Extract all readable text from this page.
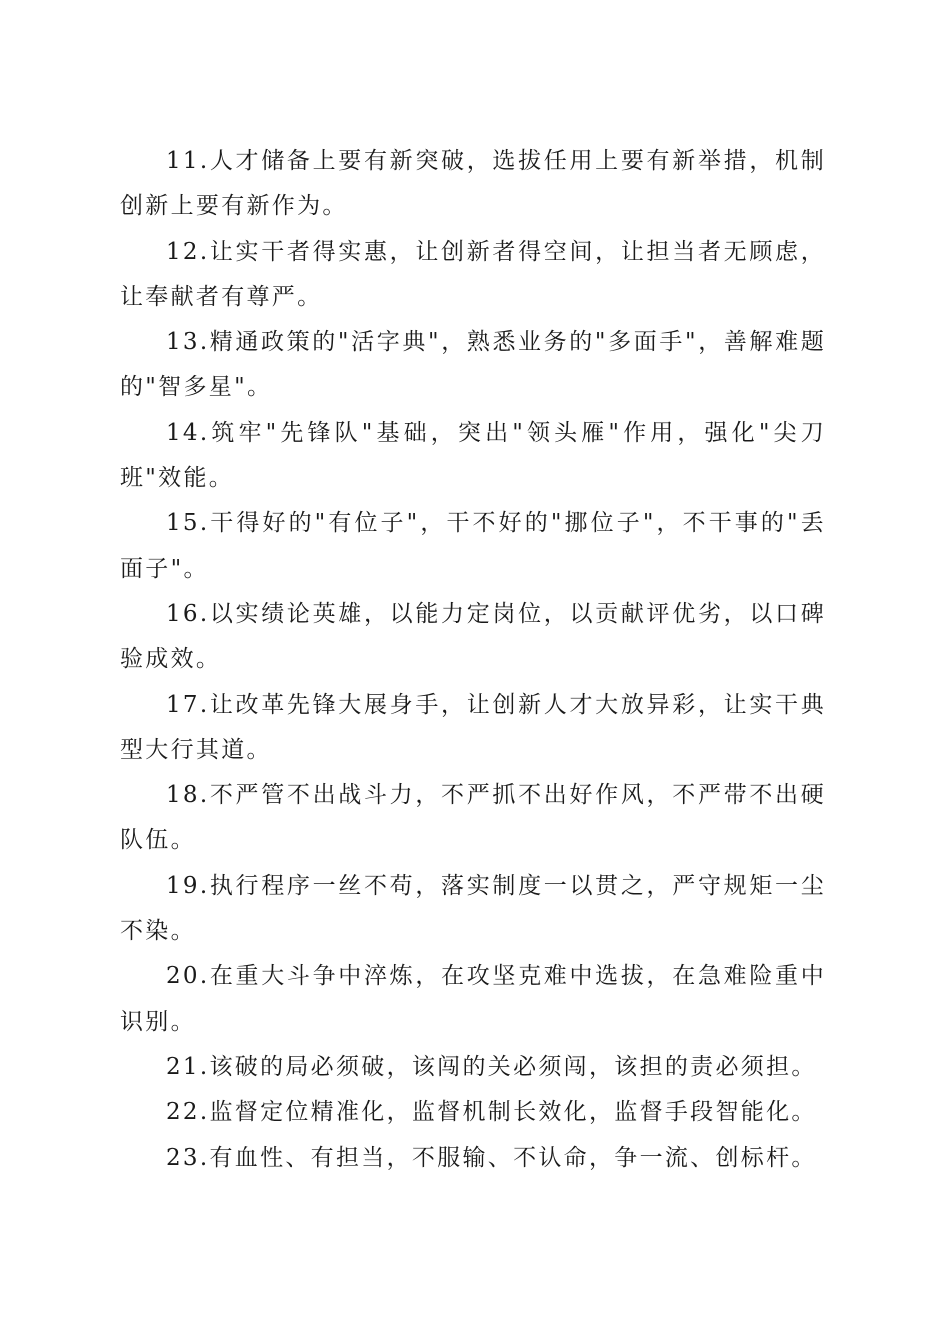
11.人才储备上要有新突破，选拔任用上要有新举措，机制创新上要有新作为。

12.让实干者得实惠，让创新者得空间，让担当者无顾虑，让奉献者有尊严。

13.精通政策的"活字典"，熟悉业务的"多面手"，善解难题的"智多星"。

14.筑牢"先锋队"基础，突出"领头雁"作用，强化"尖刀班"效能。

15.干得好的"有位子"，干不好的"挪位子"，不干事的"丢面子"。

16.以实绩论英雄，以能力定岗位，以贡献评优劣，以口碑验成效。

17.让改革先锋大展身手，让创新人才大放异彩，让实干典型大行其道。

18.不严管不出战斗力，不严抓不出好作风，不严带不出硬队伍。

19.执行程序一丝不苟，落实制度一以贯之，严守规矩一尘不染。

20.在重大斗争中淬炼，在攻坚克难中选拔，在急难险重中识别。

21.该破的局必须破，该闯的关必须闯，该担的责必须担。

22.监督定位精准化，监督机制长效化，监督手段智能化。

23.有血性、有担当，不服输、不认命，争一流、创标杆。
